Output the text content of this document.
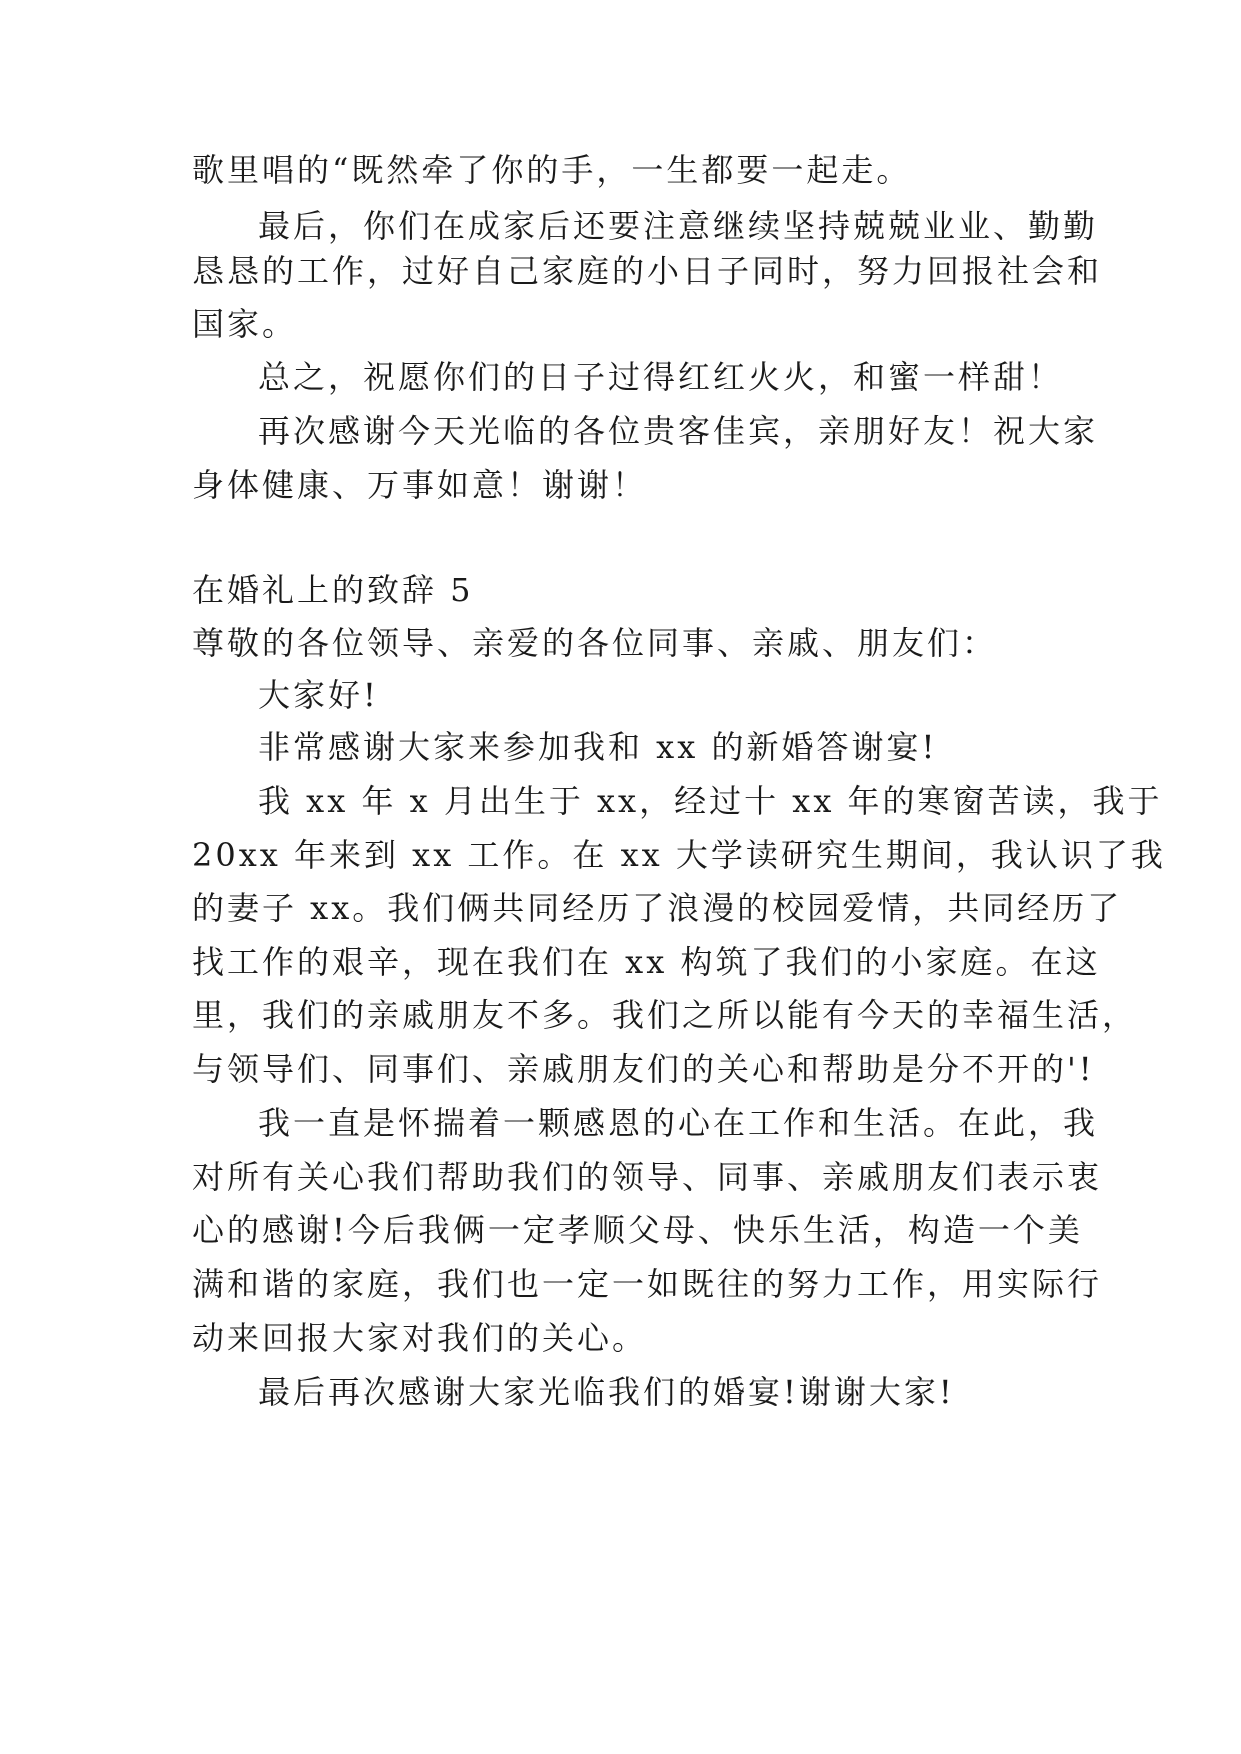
歌里唱的“既然牵了你的手，一生都要一起走。
最后，你们在成家后还要注意继续坚持兢兢业业、勤勤
恳恳的工作，过好自己家庭的小日子同时，努力回报社会和
国家。
总之，祝愿你们的日子过得红红火火，和蜜一样甜！
再次感谢今天光临的各位贵客佳宾，亲朋好友！祝大家
身体健康、万事如意！谢谢！
在婚礼上的致辞 5
尊敬的各位领导、亲爱的各位同事、亲戚、朋友们：
大家好!
非常感谢大家来参加我和 xx 的新婚答谢宴!
我 xx 年 x 月出生于 xx，经过十 xx 年的寒窗苦读，我于
20xx 年来到 xx 工作。在 xx 大学读研究生期间，我认识了我
的妻子 xx。我们俩共同经历了浪漫的校园爱情，共同经历了
找工作的艰辛，现在我们在 xx 构筑了我们的小家庭。在这
里，我们的亲戚朋友不多。我们之所以能有今天的幸福生活，
与领导们、同事们、亲戚朋友们的关心和帮助是分不开的'!
我一直是怀揣着一颗感恩的心在工作和生活。在此，我
对所有关心我们帮助我们的领导、同事、亲戚朋友们表示衷
心的感谢!今后我俩一定孝顺父母、快乐生活，构造一个美
满和谐的家庭，我们也一定一如既往的努力工作，用实际行
动来回报大家对我们的关心。
最后再次感谢大家光临我们的婚宴!谢谢大家!
